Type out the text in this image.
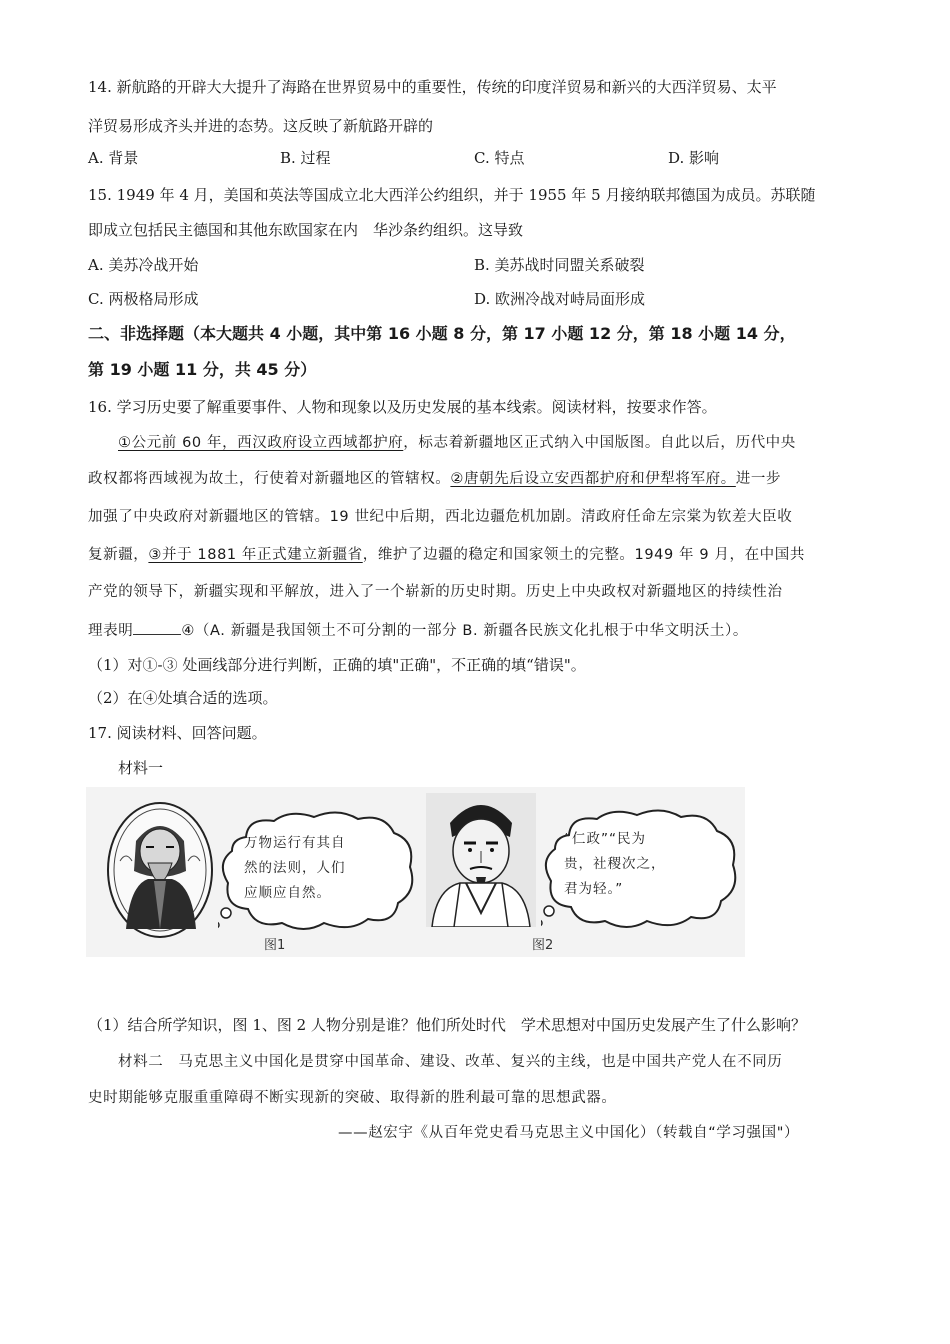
14. 新航路的开辟大大提升了海路在世界贸易中的重要性，传统的印度洋贸易和新兴的大西洋贸易、太平
洋贸易形成齐头并进的态势。这反映了新航路开辟的
A. 背景	B. 过程	C. 特点	D. 影响
15. 1949 年 4 月，美国和英法等国成立北大西洋公约组织，并于 1955 年 5 月接纳联邦德国为成员。苏联随
即成立包括民主德国和其他东欧国家在内　华沙条约组织。这导致
A. 美苏冷战开始	B. 美苏战时同盟关系破裂
C. 两极格局形成	D. 欧洲冷战对峙局面形成
二、非选择题（本大题共 4 小题，其中第 16 小题 8 分，第 17 小题 12 分，第 18 小题 14 分，
第 19 小题 11 分，共 45 分）
16. 学习历史要了解重要事件、人物和现象以及历史发展的基本线索。阅读材料，按要求作答。
①公元前 60 年，西汉政府设立西域都护府，标志着新疆地区正式纳入中国版图。自此以后，历代中央
政权都将西域视为故土，行使着对新疆地区的管辖权。②唐朝先后设立安西都护府和伊犁将军府。进一步
加强了中央政府对新疆地区的管辖。19 世纪中后期，西北边疆危机加剧。清政府任命左宗棠为钦差大臣收
复新疆，③并于 1881 年正式建立新疆省，维护了边疆的稳定和国家领土的完整。1949 年 9 月，在中国共
产党的领导下，新疆实现和平解放，进入了一个崭新的历史时期。历史上中央政权对新疆地区的持续性治
理表明	④（A. 新疆是我国领土不可分割的一部分 B. 新疆各民族文化扎根于中华文明沃土）。
（1）对①-③ 处画线部分进行判断，正确的填"正确"，不正确的填“错误"。
（2）在④处填合适的选项。
17. 阅读材料、回答问题。
材料一
万物运行有其自
然的法则，人们
应顺应自然。
“仁政”“民为
贵，社稷次之，
君为轻。”
图1	图2
（1）结合所学知识，图 1、图 2 人物分别是谁？他们所处时代　学术思想对中国历史发展产生了什么影响？
材料二　马克思主义中国化是贯穿中国革命、建设、改革、复兴的主线，也是中国共产党人在不同历
史时期能够克服重重障碍不断实现新的突破、取得新的胜利最可靠的思想武器。
——赵宏宇《从百年党史看马克思主义中国化）（转载自“学习强国"）
